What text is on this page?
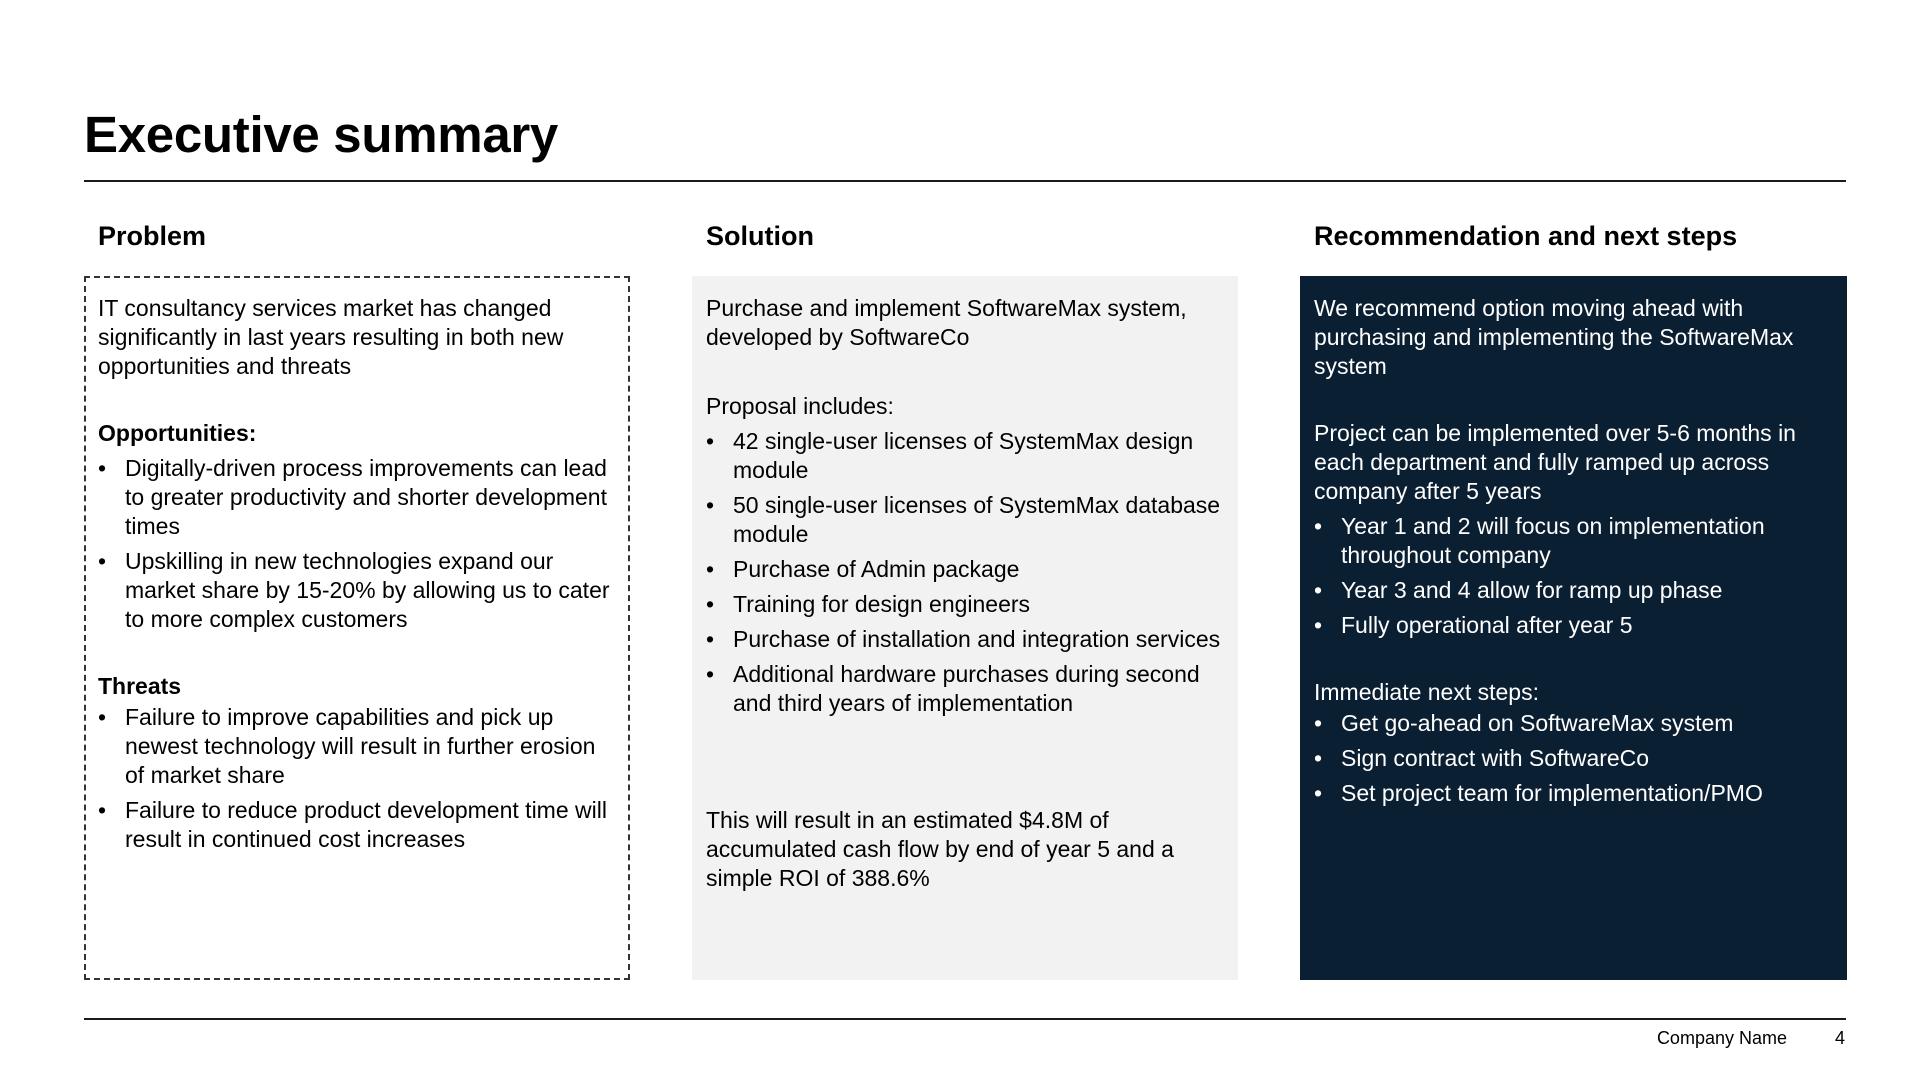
Executive summary
Problem

IT consultancy services market has changed significantly in last years resulting in both new opportunities and threats

Opportunities:

• Digitally-driven process improvements can lead to greater productivity and shorter development times
• Upskilling in new technologies expand our market share by 15-20% by allowing us to cater to more complex customers

Threats

• Failure to improve capabilities and pick up newest technology will result in further erosion of market share
• Failure to reduce product development time will result in continued cost increases
Solution

Purchase and implement SoftwareMax system, developed by SoftwareCo

Proposal includes:

• 42 single-user licenses of SystemMax design module
• 50 single-user licenses of SystemMax database module
• Purchase of Admin package
• Training for design engineers
• Purchase of installation and integration services
• Additional hardware purchases during second and third years of implementation

This will result in an estimated $4.8M of accumulated cash flow by end of year 5 and a simple ROI of 388.6%

Recommendation and next steps

We recommend option moving ahead with purchasing and implementing the SoftwareMax system

Project can be implemented over 5-6 months in each department and fully ramped up across company after 5 years

• Year 1 and 2 will focus on implementation throughout company
• Year 3 and 4 allow for ramp up phase
• Fully operational after year 5

Immediate next steps:

• Get go-ahead on SoftwareMax system
• Sign contract with SoftwareCo
• Set project team for implementation/PMO
Company Name	4
